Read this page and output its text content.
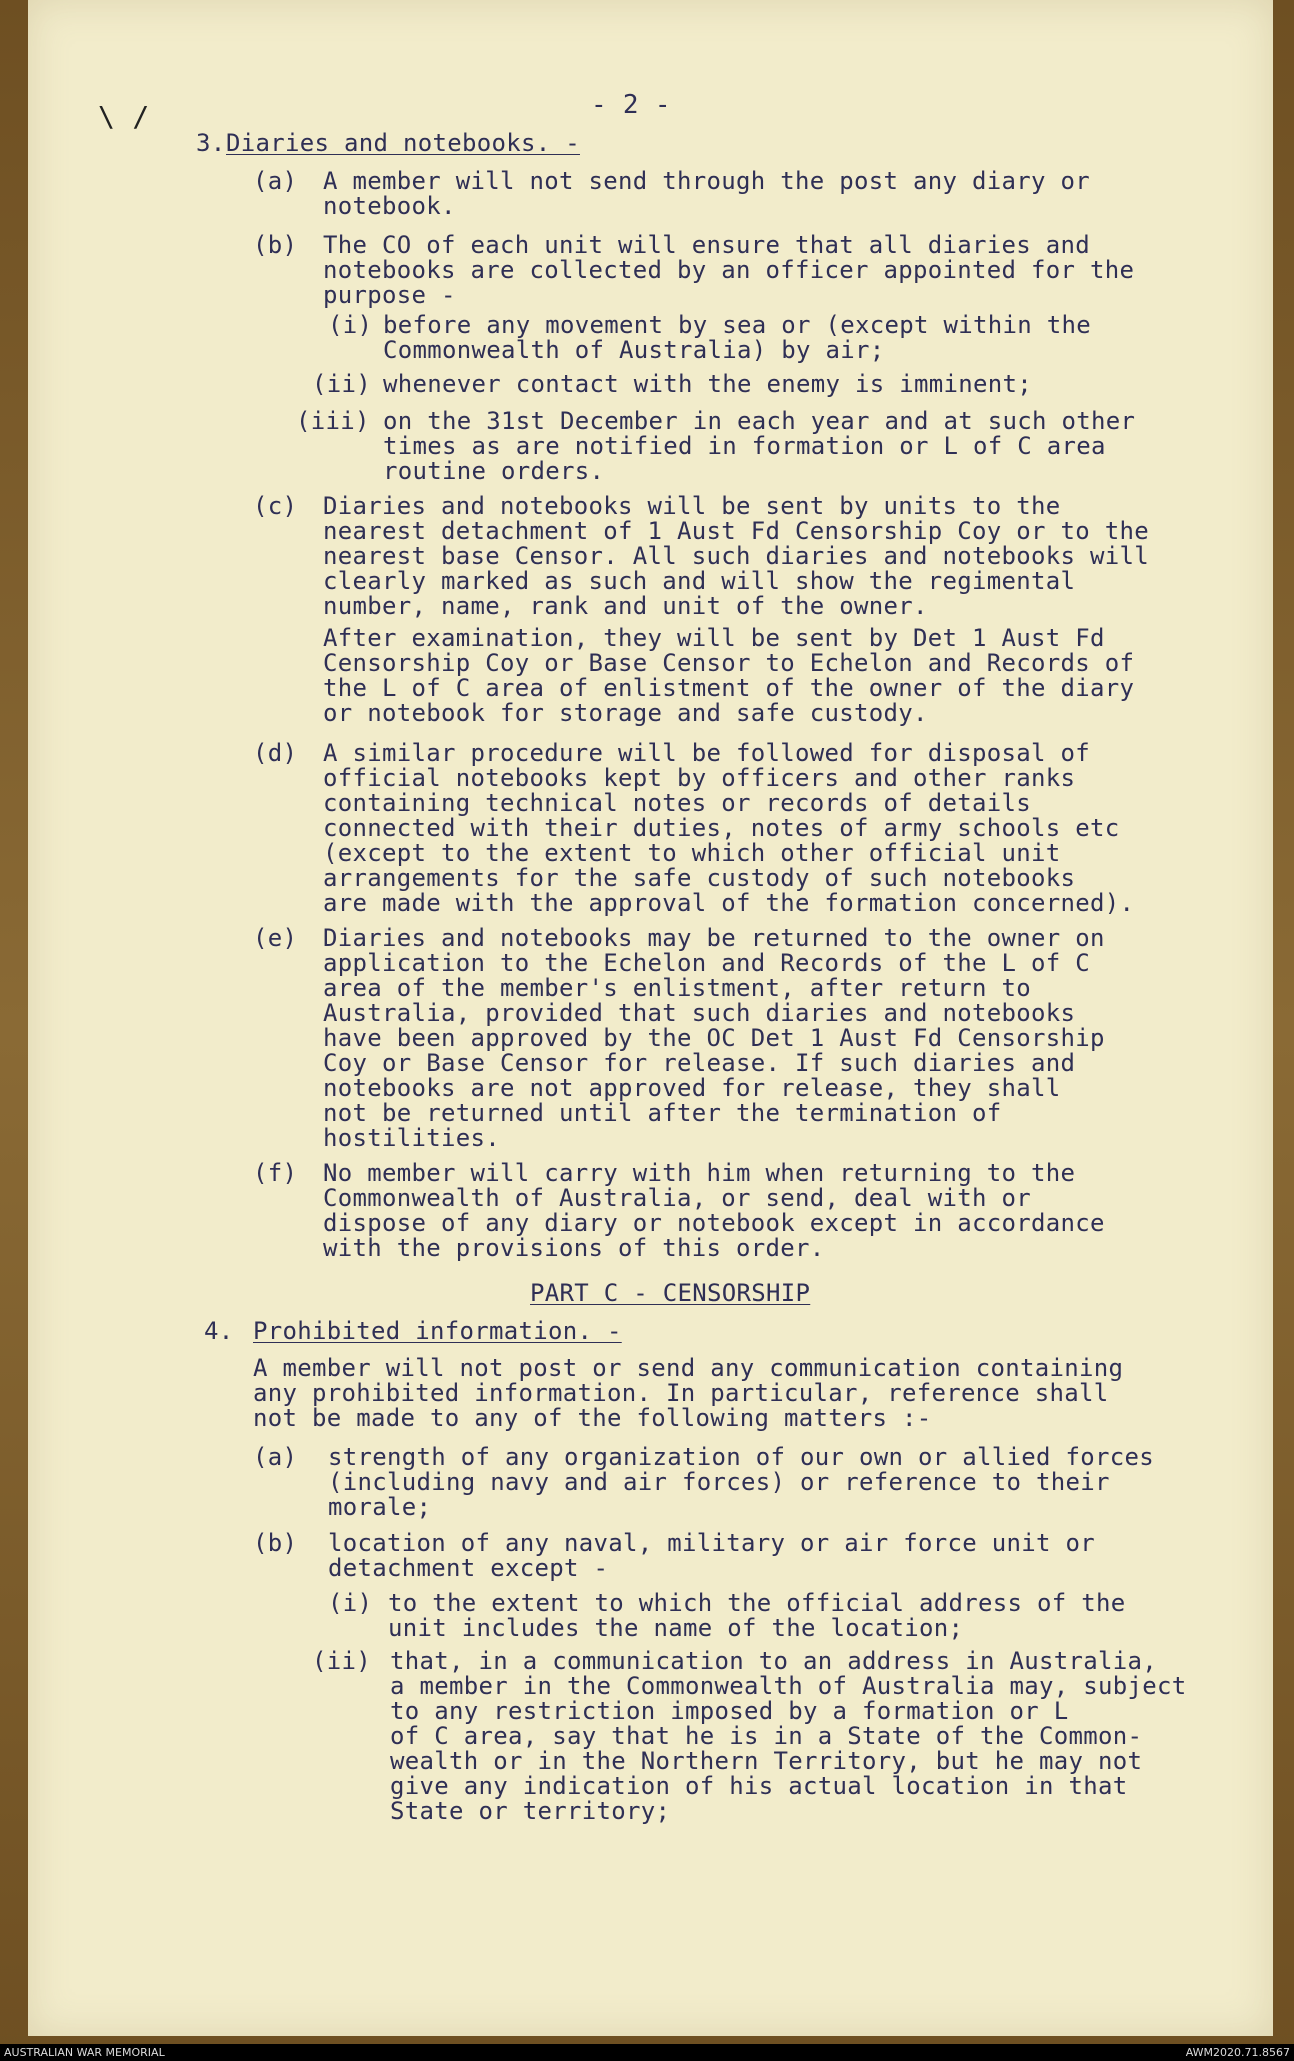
\ /	- 2 -
3. Diaries and notebooks. -
(a) A member will not send through the post any diary or
notebook.
(b) The CO of each unit will ensure that all diaries and
notebooks are collected by an officer appointed for the
purpose -
(i) before any movement by sea or (except within the
Commonwealth of Australia) by air;
(ii) whenever contact with the enemy is imminent;
(iii) on the 31st December in each year and at such other
times as are notified in formation or L of C area
routine orders.
(c) Diaries and notebooks will be sent by units to the
nearest detachment of 1 Aust Fd Censorship Coy or to the
nearest base Censor. All such diaries and notebooks will
clearly marked as such and will show the regimental
number, name, rank and unit of the owner.
After examination, they will be sent by Det 1 Aust Fd
Censorship Coy or Base Censor to Echelon and Records of
the L of C area of enlistment of the owner of the diary
or notebook for storage and safe custody.
(d) A similar procedure will be followed for disposal of
official notebooks kept by officers and other ranks
containing technical notes or records of details
connected with their duties, notes of army schools etc
(except to the extent to which other official unit
arrangements for the safe custody of such notebooks
are made with the approval of the formation concerned).
(e) Diaries and notebooks may be returned to the owner on
application to the Echelon and Records of the L of C
area of the member's enlistment, after return to
Australia, provided that such diaries and notebooks
have been approved by the OC Det 1 Aust Fd Censorship
Coy or Base Censor for release. If such diaries and
notebooks are not approved for release, they shall
not be returned until after the termination of
hostilities.
(f) No member will carry with him when returning to the
Commonwealth of Australia, or send, deal with or
dispose of any diary or notebook except in accordance
with the provisions of this order.
PART C - CENSORSHIP
4. Prohibited information. -
A member will not post or send any communication containing
any prohibited information. In particular, reference shall
not be made to any of the following matters :-
(a) strength of any organization of our own or allied forces
(including navy and air forces) or reference to their
morale;
(b) location of any naval, military or air force unit or
detachment except -
(i) to the extent to which the official address of the
unit includes the name of the location;
(ii) that, in a communication to an address in Australia,
a member in the Commonwealth of Australia may, subject
to any restriction imposed by a formation or L
of C area, say that he is in a State of the Common-
wealth or in the Northern Territory, but he may not
give any indication of his actual location in that
State or territory;
AUSTRALIAN WAR MEMORIAL	AWM2020.71.8567
